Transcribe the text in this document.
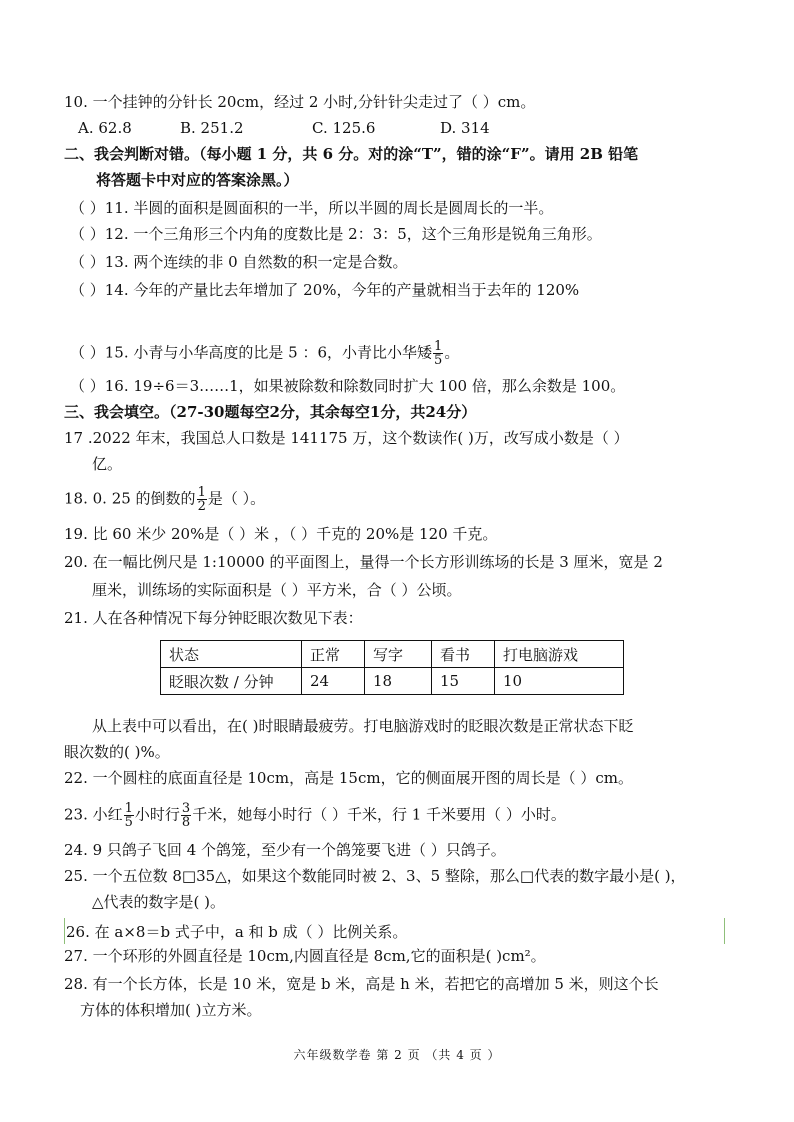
10. 一个挂钟的分针长 20cm，经过 2 小时,分针针尖走过了（ ）cm。
A. 62.8	B. 251.2	C. 125.6	D. 314
二、我会判断对错。（每小题 1 分，共 6 分。对的涂“T”，错的涂“F”。请用 2B 铅笔
将答题卡中对应的答案涂黑。）
（ ）11. 半圆的面积是圆面积的一半，所以半圆的周长是圆周长的一半。
（ ）12. 一个三角形三个内角的度数比是 2：3：5，这个三角形是锐角三角形。
（ ）13. 两个连续的非 0 自然数的积一定是合数。
（ ）14. 今年的产量比去年增加了 20%，今年的产量就相当于去年的 120%
（ ）15. 小青与小华高度的比是 5 ：6，小青比小华矮 $\frac{1}{5}$ 。
（ ）16. 19÷6＝3……1，如果被除数和除数同时扩大 100 倍，那么余数是 100。
三、我会填空。（27-30题每空2分，其余每空1分，共24分）
17 .2022 年末，我国总人口数是 141175 万，这个数读作( )万，改写成小数是（ ）
亿。
18. 0. 25 的倒数的 $\frac{1}{2}$ 是（ ）。
19. 比 60 米少 20%是（ ）米 ，（ ）千克的 20%是 120 千克。
20. 在一幅比例尺是 1:10000 的平面图上，量得一个长方形训练场的长是 3 厘米，宽是 2
厘米，训练场的实际面积是（ ）平方米，合（ ）公顷。
21. 人在各种情况下每分钟眨眼次数见下表：
状态	正常	写字	看书	打电脑游戏
眨眼次数 / 分钟	24	18	15	10
从上表中可以看出，在( )时眼睛最疲劳。打电脑游戏时的眨眼次数是正常状态下眨
眼次数的( )%。
22. 一个圆柱的底面直径是 10cm，高是 15cm，它的侧面展开图的周长是（ ）cm。
23. 小红 $\frac{1}{5}$ 小时行 $\frac{3}{8}$ 千米，她每小时行（ ）千米，行 1 千米要用（ ）小时。
24. 9 只鸽子飞回 4 个鸽笼，至少有一个鸽笼要飞进（ ）只鸽子。
25. 一个五位数 8□35△，如果这个数能同时被 2、3、5 整除，那么□代表的数字最小是( )，
△代表的数字是( )。
26. 在 a×8＝b 式子中，a 和 b 成（ ）比例关系。
27. 一个环形的外圆直径是 10cm,内圆直径是 8cm,它的面积是( )cm²。
28. 有一个长方体，长是 10 米，宽是 b 米，高是 h 米，若把它的高增加 5 米，则这个长
方体的体积增加( )立方米。
六年级数学卷 第 2 页 （共 4 页 ）
